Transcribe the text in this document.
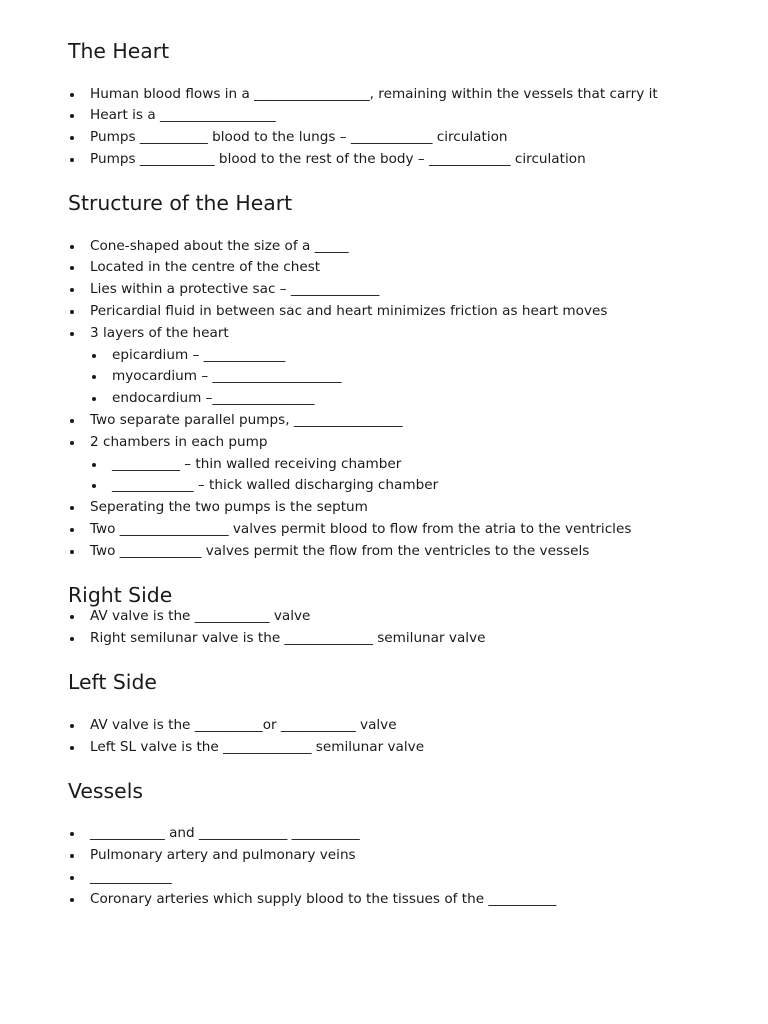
The Heart
Human blood flows in a _________________, remaining within the vessels that carry it
Heart is a _________________
Pumps __________ blood to the lungs – ____________ circulation
Pumps ___________ blood to the rest of the body – ____________ circulation
Structure of the Heart
Cone-shaped about the size of a _____
Located in the centre of the chest
Lies within a protective sac – _____________
Pericardial fluid in between sac and heart minimizes friction as heart moves
3 layers of the heart
epicardium – ____________
myocardium – ___________________
endocardium –_______________
Two separate parallel pumps, ________________
2 chambers in each pump
__________ – thin walled receiving chamber
____________ – thick walled discharging chamber
Seperating the two pumps is the septum
Two ________________ valves permit blood to flow from the atria to the ventricles
Two ____________ valves permit the flow from the ventricles to the vessels
Right Side
AV valve is the ___________ valve
Right semilunar valve is the _____________ semilunar valve
Left Side
AV valve is the __________or ___________ valve
Left SL valve is the _____________ semilunar valve
Vessels
___________ and _____________ __________
Pulmonary artery and pulmonary veins
____________
Coronary arteries which supply blood to the tissues of the __________
